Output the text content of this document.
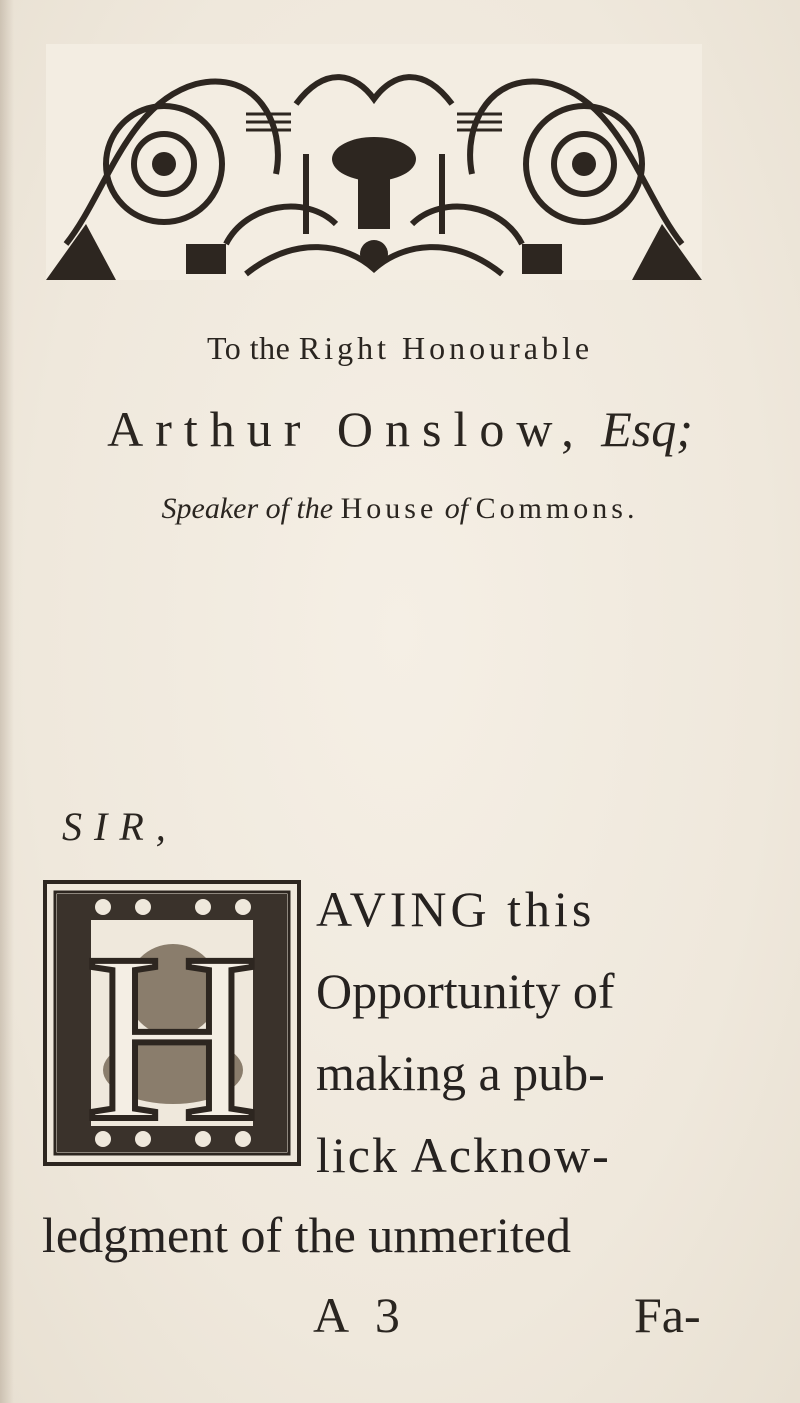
To the Right Honourable
Arthur Onslow, Esq;
Speaker of the House of Commons.
SIR,
H AVING this
Opportunity of
making a pub-
lick Acknow-
ledgment of the unmerited
A 3	Fa-
